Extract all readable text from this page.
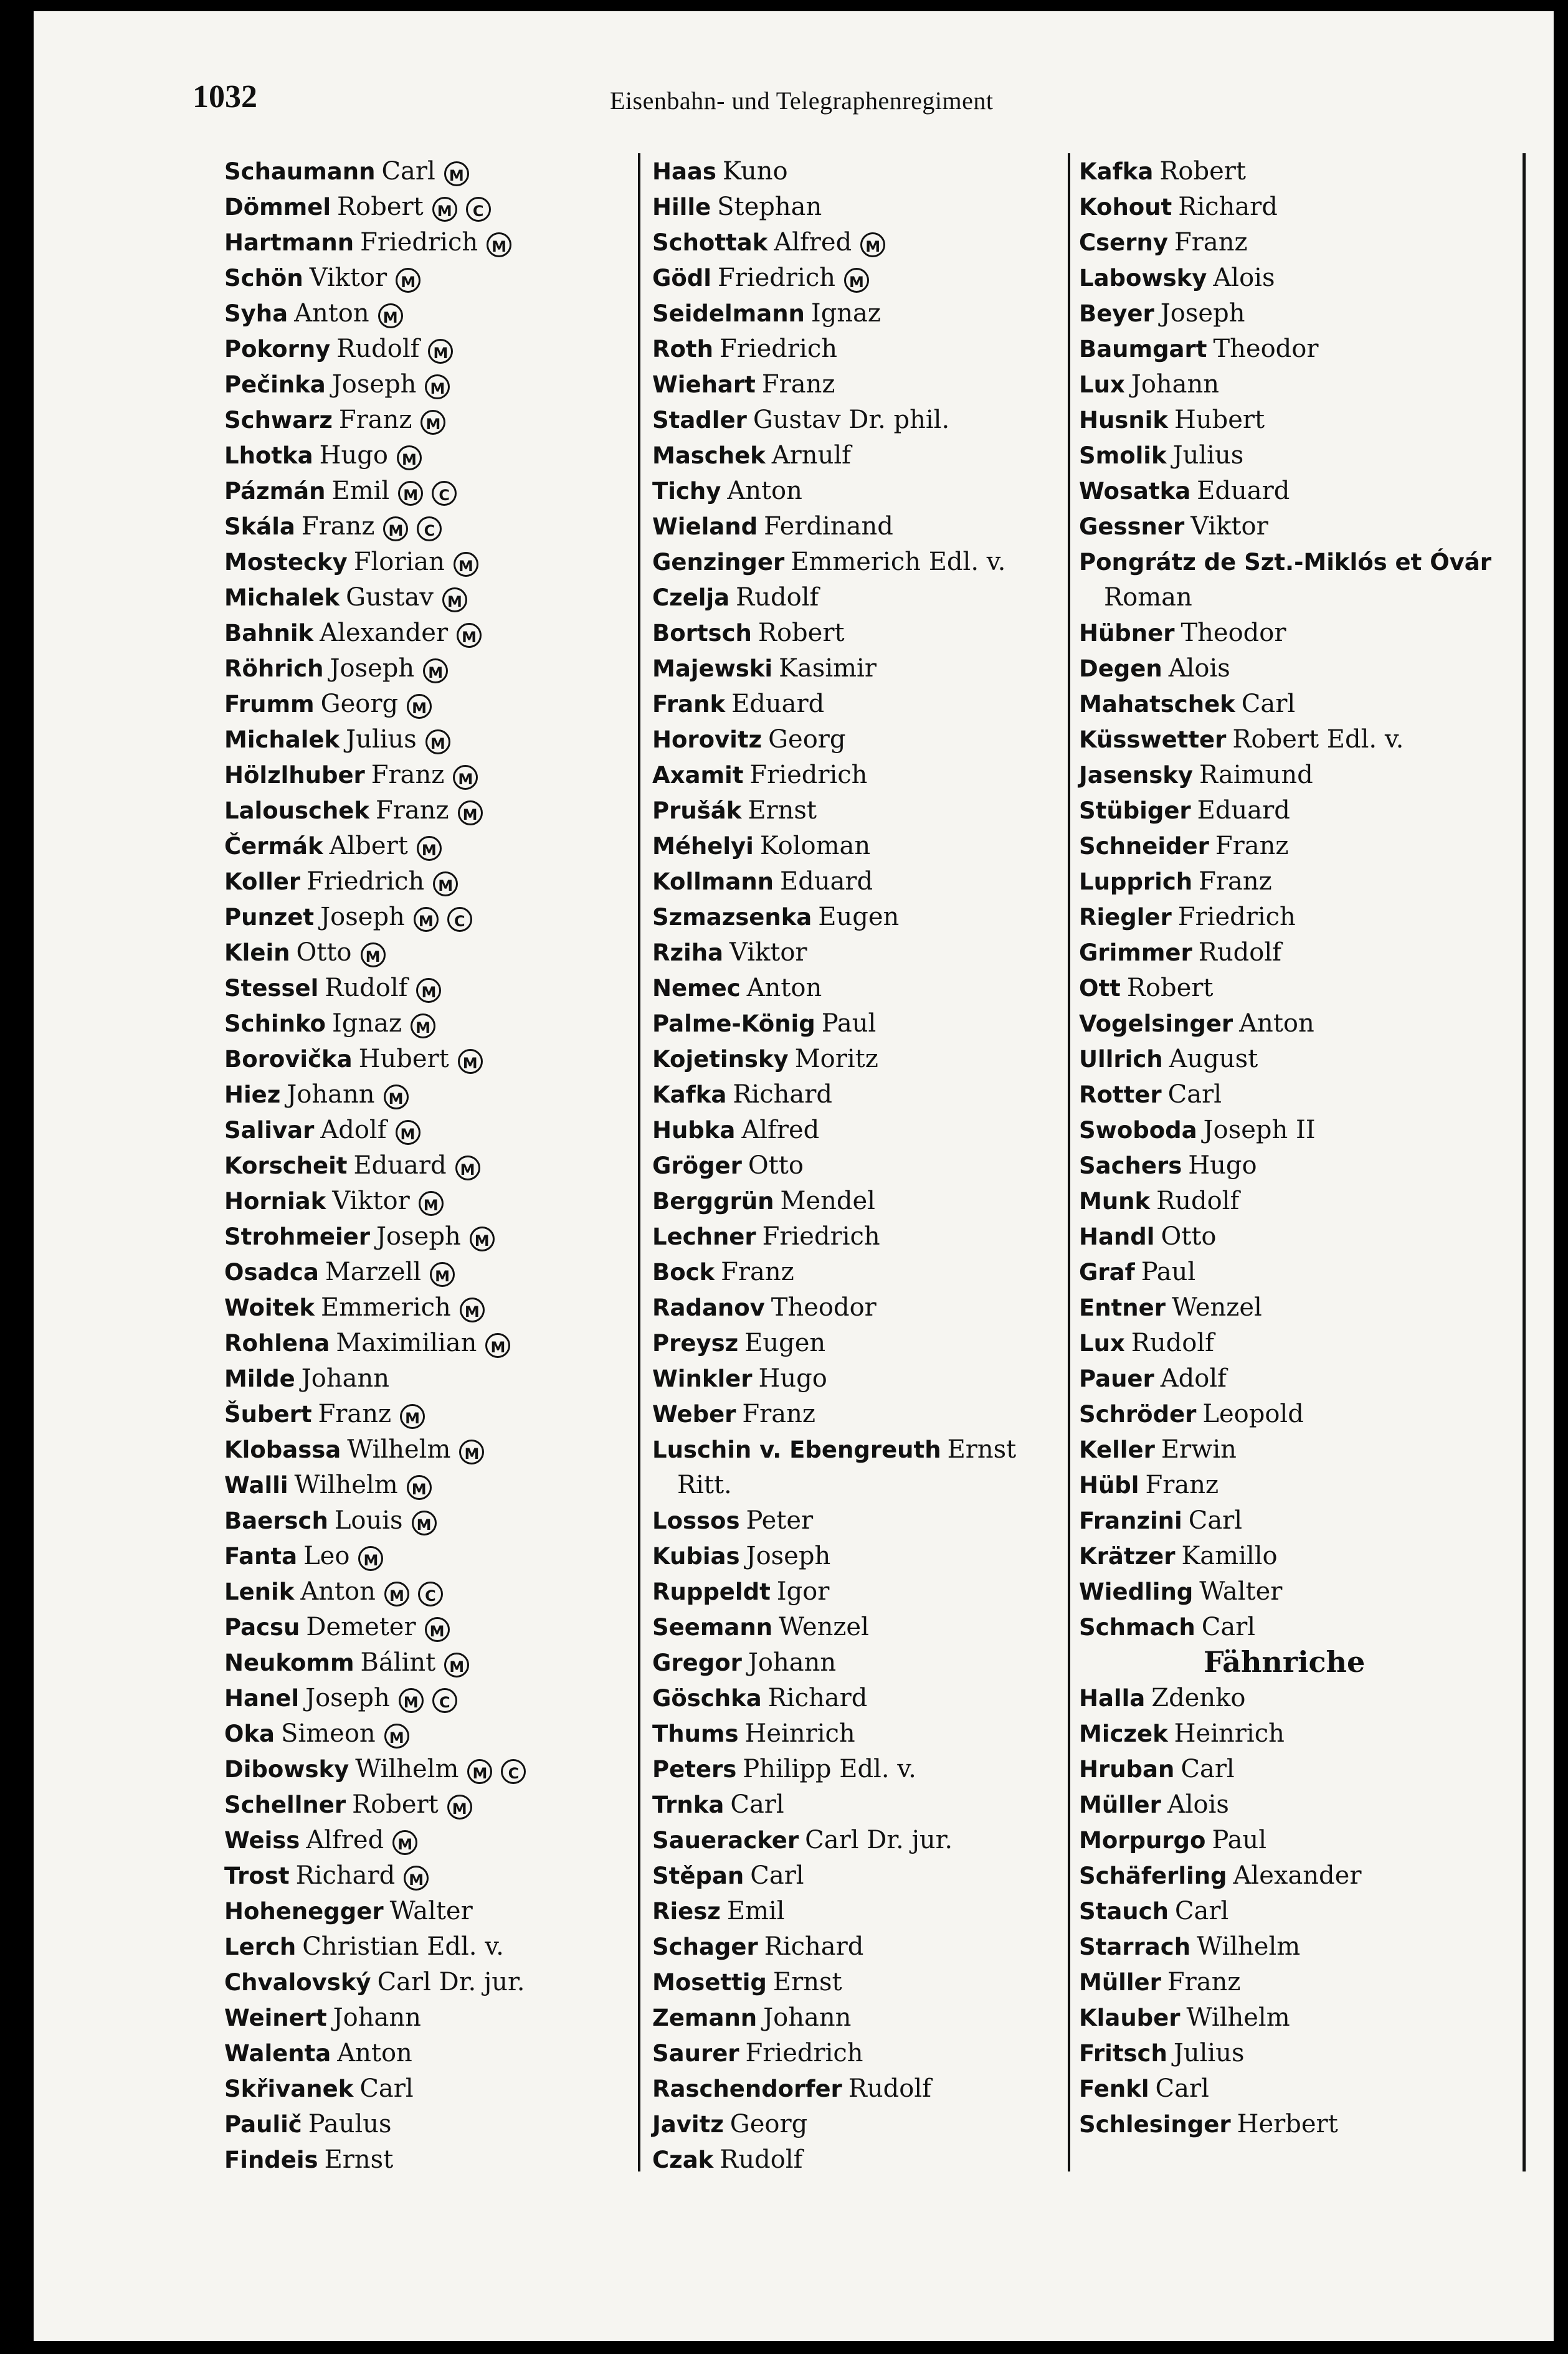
1032	Eisenbahn- und Telegraphenregiment
Schaumann Carl M
Dömmel Robert M C
Hartmann Friedrich M
Schön Viktor M
Syha Anton M
Pokorny Rudolf M
Pečinka Joseph M
Schwarz Franz M
Lhotka Hugo M
Pázmán Emil M C
Skála Franz M C
Mostecky Florian M
Michalek Gustav M
Bahnik Alexander M
Röhrich Joseph M
Frumm Georg M
Michalek Julius M
Hölzlhuber Franz M
Lalouschek Franz M
Čermák Albert M
Koller Friedrich M
Punzet Joseph M C
Klein Otto M
Stessel Rudolf M
Schinko Ignaz M
Borovička Hubert M
Hiez Johann M
Salivar Adolf M
Korscheit Eduard M
Horniak Viktor M
Strohmeier Joseph M
Osadca Marzell M
Woitek Emmerich M
Rohlena Maximilian M
Milde Johann
Šubert Franz M
Klobassa Wilhelm M
Walli Wilhelm M
Baersch Louis M
Fanta Leo M
Lenik Anton M C
Pacsu Demeter M
Neukomm Bálint M
Hanel Joseph M C
Oka Simeon M
Dibowsky Wilhelm M C
Schellner Robert M
Weiss Alfred M
Trost Richard M
Hohenegger Walter
Lerch Christian Edl. v.
Chvalovský Carl Dr. jur.
Weinert Johann
Walenta Anton
Skřivanek Carl
Paulič Paulus
Findeis Ernst
Haas Kuno
Hille Stephan
Schottak Alfred M
Gödl Friedrich M
Seidelmann Ignaz
Roth Friedrich
Wiehart Franz
Stadler Gustav Dr. phil.
Maschek Arnulf
Tichy Anton
Wieland Ferdinand
Genzinger Emmerich Edl. v.
Czelja Rudolf
Bortsch Robert
Majewski Kasimir
Frank Eduard
Horovitz Georg
Axamit Friedrich
Prušák Ernst
Méhelyi Koloman
Kollmann Eduard
Szmazsenka Eugen
Rziha Viktor
Nemec Anton
Palme-König Paul
Kojetinsky Moritz
Kafka Richard
Hubka Alfred
Gröger Otto
Berggrün Mendel
Lechner Friedrich
Bock Franz
Radanov Theodor
Preysz Eugen
Winkler Hugo
Weber Franz
Luschin v. Ebengreuth Ernst
Ritt.
Lossos Peter
Kubias Joseph
Ruppeldt Igor
Seemann Wenzel
Gregor Johann
Göschka Richard
Thums Heinrich
Peters Philipp Edl. v.
Trnka Carl
Saueracker Carl Dr. jur.
Stěpan Carl
Riesz Emil
Schager Richard
Mosettig Ernst
Zemann Johann
Saurer Friedrich
Raschendorfer Rudolf
Javitz Georg
Czak Rudolf
Kafka Robert
Kohout Richard
Cserny Franz
Labowsky Alois
Beyer Joseph
Baumgart Theodor
Lux Johann
Husnik Hubert
Smolik Julius
Wosatka Eduard
Gessner Viktor
Pongrátz de Szt.-Miklós et Óvár
Roman
Hübner Theodor
Degen Alois
Mahatschek Carl
Küsswetter Robert Edl. v.
Jasensky Raimund
Stübiger Eduard
Schneider Franz
Lupprich Franz
Riegler Friedrich
Grimmer Rudolf
Ott Robert
Vogelsinger Anton
Ullrich August
Rotter Carl
Swoboda Joseph II
Sachers Hugo
Munk Rudolf
Handl Otto
Graf Paul
Entner Wenzel
Lux Rudolf
Pauer Adolf
Schröder Leopold
Keller Erwin
Hübl Franz
Franzini Carl
Krätzer Kamillo
Wiedling Walter
Schmach Carl
Fähnriche
Halla Zdenko
Miczek Heinrich
Hruban Carl
Müller Alois
Morpurgo Paul
Schäferling Alexander
Stauch Carl
Starrach Wilhelm
Müller Franz
Klauber Wilhelm
Fritsch Julius
Fenkl Carl
Schlesinger Herbert
